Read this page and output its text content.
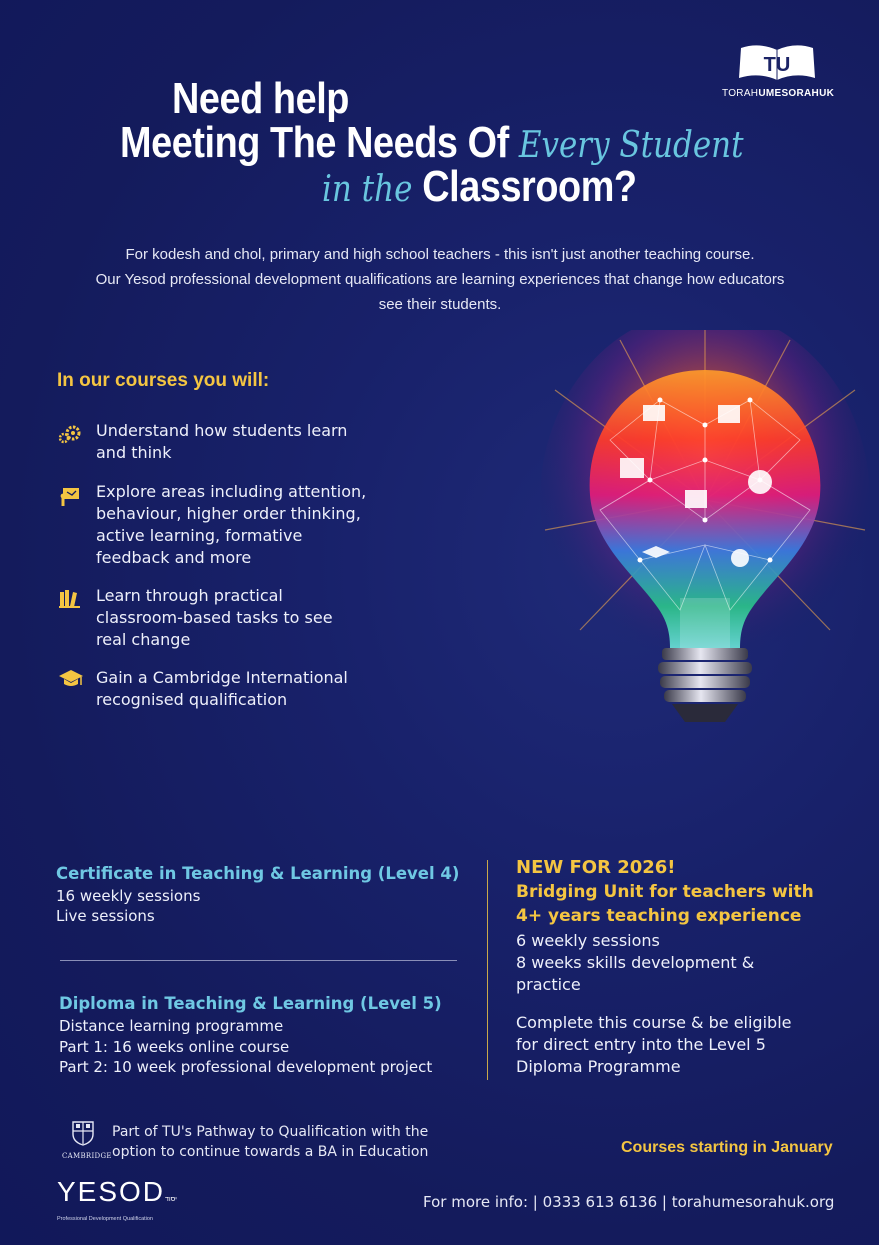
TU
TORAHUMESORAHUK
Need help
Meeting The Needs Of Every Student
in the Classroom?
For kodesh and chol, primary and high school teachers - this isn't just another teaching course.
Our Yesod professional development qualifications are learning experiences that change how educators
see their students.
In our courses you will:
Understand how students learn
and think
Explore areas including attention,
behaviour, higher order thinking,
active learning, formative
feedback and more
Learn through practical
classroom-based tasks to see
real change
Gain a Cambridge International
recognised qualification
Certificate in Teaching & Learning (Level 4)
16 weekly sessions
Live sessions
Diploma in Teaching & Learning (Level 5)
Distance learning programme
Part 1: 16 weeks online course
Part 2: 10 week professional development project
NEW FOR 2026!
Bridging Unit for teachers with
4+ years teaching experience
6 weekly sessions
8 weeks skills development &
practice
Complete this course & be eligible
for direct entry into the Level 5
Diploma Programme
CAMBRIDGE
Part of TU's Pathway to Qualification with the
option to continue towards a BA in Education	Courses starting in January
YESODיסוד
Professional Development Qualification
For more info: | 0333 613 6136 | torahumesorahuk.org
